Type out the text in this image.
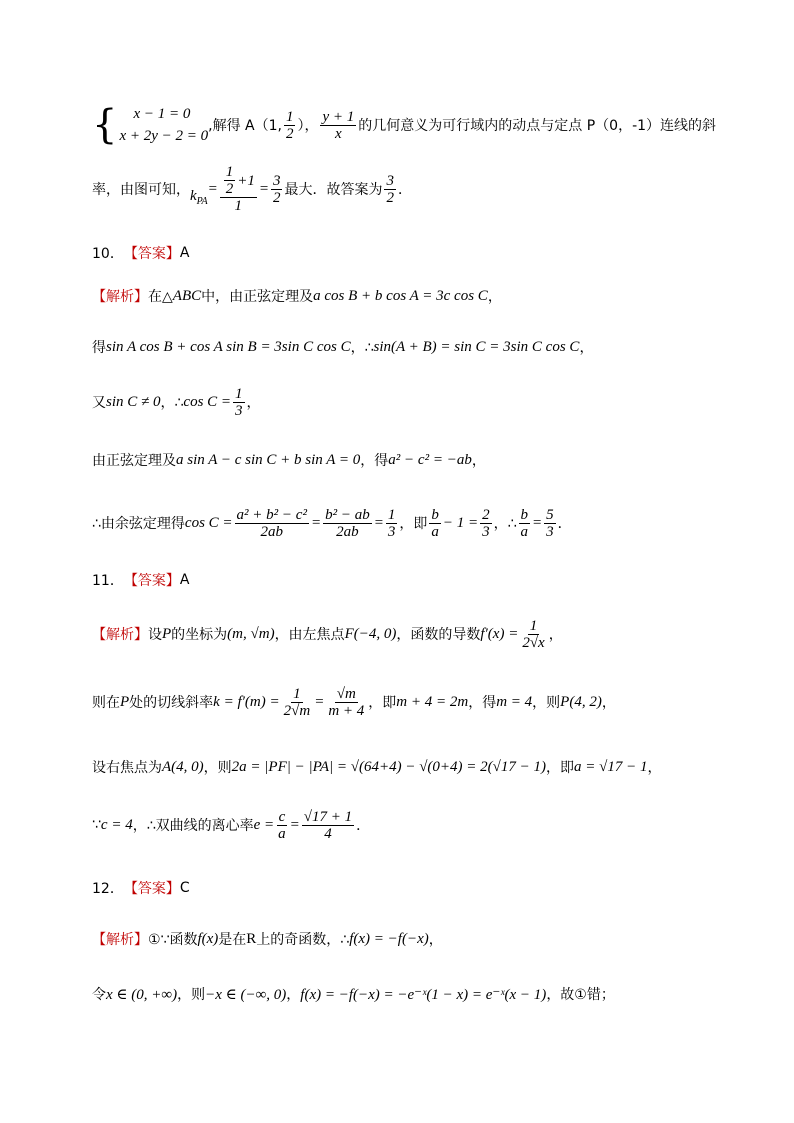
{	x − 1 = 0
x + 2y − 2 = 0
,解得 A（1, $\frac{1}{2}$ ）， $\frac{y + 1}{x}$ 的几何意义为可行域内的动点与定点 P（0，-1）连线的斜
率，由图可知， $k_{PA}$
= $\frac{\frac{1}{2} +1}{1} = \frac{3}{2}$ 最大．故答案为 $\frac{3}{2}$ ．
10． 【答案】 A
【解析】 在△ ABC 中，由正弦定理及 a cos B + b cos A = 3c cos C ，
得 sin A cos B + cos A sin B = 3sin C cos C ，∴ sin(A + B) = sin C = 3sin C cos C ，
又 sin C ≠ 0 ，∴ $\cos C = \frac{1}{3}$ ，
由正弦定理及 a sin A − c sin C + b sin A = 0 ，得 a² − c² = −ab ，
∴由余弦定理得 $\cos C = \frac{\text{a² + b² − c²}}{2ab} = \frac{\text{b² − ab}}{2ab} = \frac{1}{3}$ ，即 $\frac{b}{a} - 1 = \frac{2}{3}$ ，∴ $\frac{b}{a} = \frac{5}{3}$ ．
11． 【答案】 A
【解析】 设 P 的坐标为 (m, √m) ，由左焦点 F(−4, 0) ，函数的导数 $f'(x) = \frac{1}{2√x}$ ，
则在 P 处的切线斜率 $k = f'(m) = \frac{1}{2√m} = \frac{√m}{m + 4}$ ，即 m + 4 = 2m ，得 m = 4 ，则 P(4, 2) ，
设右焦点为 A(4, 0) ，则 2a = |PF| − |PA| = √(64+4) − √(0+4) = 2(√17 − 1) ，即 a = √17 − 1 ，
∵ c = 4 ，∴双曲线的离心率 $e = \frac{c}{a} = \frac{√17 + 1}{4}$ ．
12． 【答案】 C
【解析】 ①∵函数 f(x) 是在 R 上的奇函数，∴ f(x) = −f(−x) ，
令 x ∈ (0, +∞) ，则 −x ∈ (−∞, 0) ， f(x) = −f(−x) = −e⁻ˣ(1 − x) = e⁻ˣ(x − 1) ，故①错；
